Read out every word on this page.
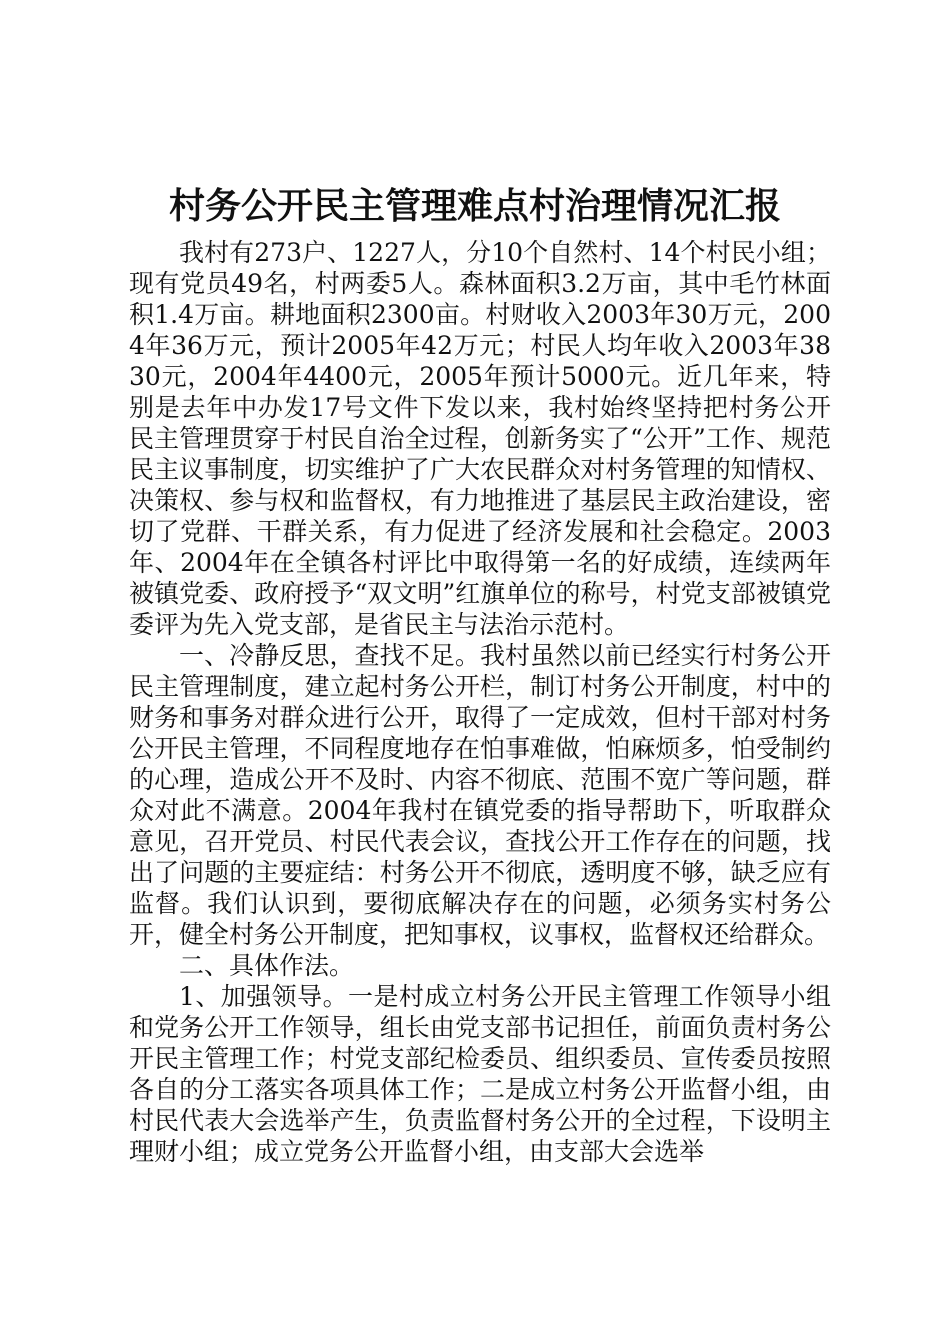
村务公开民主管理难点村治理情况汇报

我村有273户、1227人，分10个自然村、14个村民小组；现有党员49名，村两委5人。森林面积3.2万亩，其中毛竹林面积1.4万亩。耕地面积2300亩。村财收入2003年30万元，2004年36万元，预计2005年42万元；村民人均年收入2003年3830元，2004年4400元，2005年预计5000元。近几年来，特别是去年中办发17号文件下发以来，我村始终坚持把村务公开民主管理贯穿于村民自治全过程，创新务实了“公开”工作、规范民主议事制度，切实维护了广大农民群众对村务管理的知情权、决策权、参与权和监督权，有力地推进了基层民主政治建设，密切了党群、干群关系，有力促进了经济发展和社会稳定。2003年、2004年在全镇各村评比中取得第一名的好成绩，连续两年被镇党委、政府授予“双文明”红旗单位的称号，村党支部被镇党委评为先入党支部，是省民主与法治示范村。

一、冷静反思，查找不足。我村虽然以前已经实行村务公开民主管理制度，建立起村务公开栏，制订村务公开制度，村中的财务和事务对群众进行公开，取得了一定成效，但村干部对村务公开民主管理，不同程度地存在怕事难做，怕麻烦多，怕受制约的心理，造成公开不及时、内容不彻底、范围不宽广等问题，群众对此不满意。2004年我村在镇党委的指导帮助下，听取群众意见，召开党员、村民代表会议，查找公开工作存在的问题，找出了问题的主要症结：村务公开不彻底，透明度不够，缺乏应有监督。我们认识到，要彻底解决存在的问题，必须务实村务公开，健全村务公开制度，把知事权，议事权，监督权还给群众。

二、具体作法。

1、加强领导。一是村成立村务公开民主管理工作领导小组和党务公开工作领导，组长由党支部书记担任，前面负责村务公开民主管理工作；村党支部纪检委员、组织委员、宣传委员按照各自的分工落实各项具体工作；二是成立村务公开监督小组，由村民代表大会选举产生，负责监督村务公开的全过程，下设明主理财小组；成立党务公开监督小组，由支部大会选举
